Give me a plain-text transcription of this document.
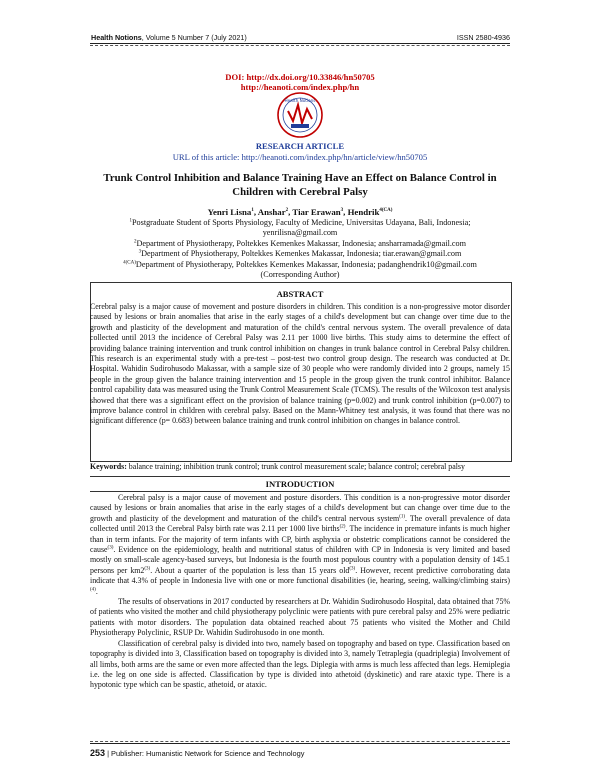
Health Notions, Volume 5 Number 7 (July 2021)	ISSN 2580-4936
DOI: http://dx.doi.org/10.33846/hn50705
http://heanoti.com/index.php/hn
Health Notions
RESEARCH ARTICLE
URL of this article: http://heanoti.com/index.php/hn/article/view/hn50705
Trunk Control Inhibition and Balance Training Have an Effect on Balance Control in Children with Cerebral Palsy
Yenri Lisna$^1$, Anshar$^2$, Tiar Erawan$^3$, Hendrik$^{4(CA)}$
$^1$Postgraduate Student of Sports Physiology, Faculty of Medicine, Universitas Udayana, Bali, Indonesia;
yenrilisna@gmail.com
$^2$Department of Physiotherapy, Poltekkes Kemenkes Makassar, Indonesia; ansharramada@gmail.com
$^3$Department of Physiotherapy, Poltekkes Kemenkes Makassar, Indonesia; tiar.erawan@gmail.com
$^{4(CA)}$Department of Physiotherapy, Poltekkes Kemenkes Makassar, Indonesia; padanghendrik10@gmail.com
(Corresponding Author)
ABSTRACT
Cerebral palsy is a major cause of movement and posture disorders in children. This condition is a non-progressive motor disorder caused by lesions or brain anomalies that arise in the early stages of a child's development but can change over time due to the growth and plasticity of the development and maturation of the child's central nervous system. The overall prevalence of data collected until 2013 the incidence of Cerebral Palsy was 2.11 per 1000 live births. This study aims to determine the effect of providing balance training intervention and trunk control inhibition on changes in trunk balance control in Cerebral Palsy children. This research is an experimental study with a pre-test – post-test two control group design. The research was conducted at Dr. Hospital. Wahidin Sudirohusodo Makassar, with a sample size of 30 people who were randomly divided into 2 groups, namely 15 people in the group given the balance training intervention and 15 people in the group given the trunk control inhibitor. Balance control capability data was measured using the Trunk Control Measurement Scale (TCMS). The results of the Wilcoxon test analysis showed that there was a significant effect on the provision of balance training (p=0.002) and trunk control inhibition (p=0.007) to improve balance control in children with cerebral palsy. Based on the Mann-Whitney test analysis, it was found that there was no significant difference (p= 0.683) between balance training and trunk control inhibition on changes in balance control.
Keywords: balance training; inhibition trunk control; trunk control measurement scale; balance control; cerebral palsy
INTRODUCTION

Cerebral palsy is a major cause of movement and posture disorders. This condition is a non-progressive motor disorder caused by lesions or brain anomalies that arise in the early stages of a child's development but can change over time due to the growth and plasticity of the development and maturation of the child's central nervous system$^{(1)}$. The overall prevalence of data collected until 2013 the Cerebral Palsy birth rate was 2.11 per 1000 live births$^{(2)}$. The incidence in premature infants is much higher than in term infants. For the majority of term infants with CP, birth asphyxia or obstetric complications cannot be considered the cause$^{(3)}$. Evidence on the epidemiology, health and nutritional status of children with CP in Indonesia is very limited and based mostly on small-scale agency-based surveys, but Indonesia is the fourth most populous country with a population density of 145.1 persons per km2$^{(3)}$. About a quarter of the population is less than 15 years old$^{(3)}$. However, recent predictive corroborating data indicate that 4.3% of people in Indonesia live with one or more functional disabilities (ie, hearing, seeing, walking/climbing stairs)$^{(4)}$.

The results of observations in 2017 conducted by researchers at Dr. Wahidin Sudirohusodo Hospital, data obtained that 75% of patients who visited the mother and child physiotherapy polyclinic were patients with pure cerebral palsy and 25% were pediatric patients with motor disorders. The population data obtained reached about 75 patients who visited the Mother and Child Physiotherapy Polyclinic, RSUP Dr. Wahidin Sudirohusodo in one month.

Classification of cerebral palsy is divided into two, namely based on topography and based on type. Classification based on topography is divided into 3, Classification based on topography is divided into 3, namely Tetraplegia (quadriplegia) Involvement of all limbs, both arms are the same or even more affected than the legs. Diplegia with arms is much less affected than legs. Hemiplegia i.e. the leg on one side is affected. Classification by type is divided into athetoid (dyskinetic) and rare ataxic type. There is a hypotonic type which can be spastic, athetoid, or ataxic.

253 | Publisher: Humanistic Network for Science and Technology
